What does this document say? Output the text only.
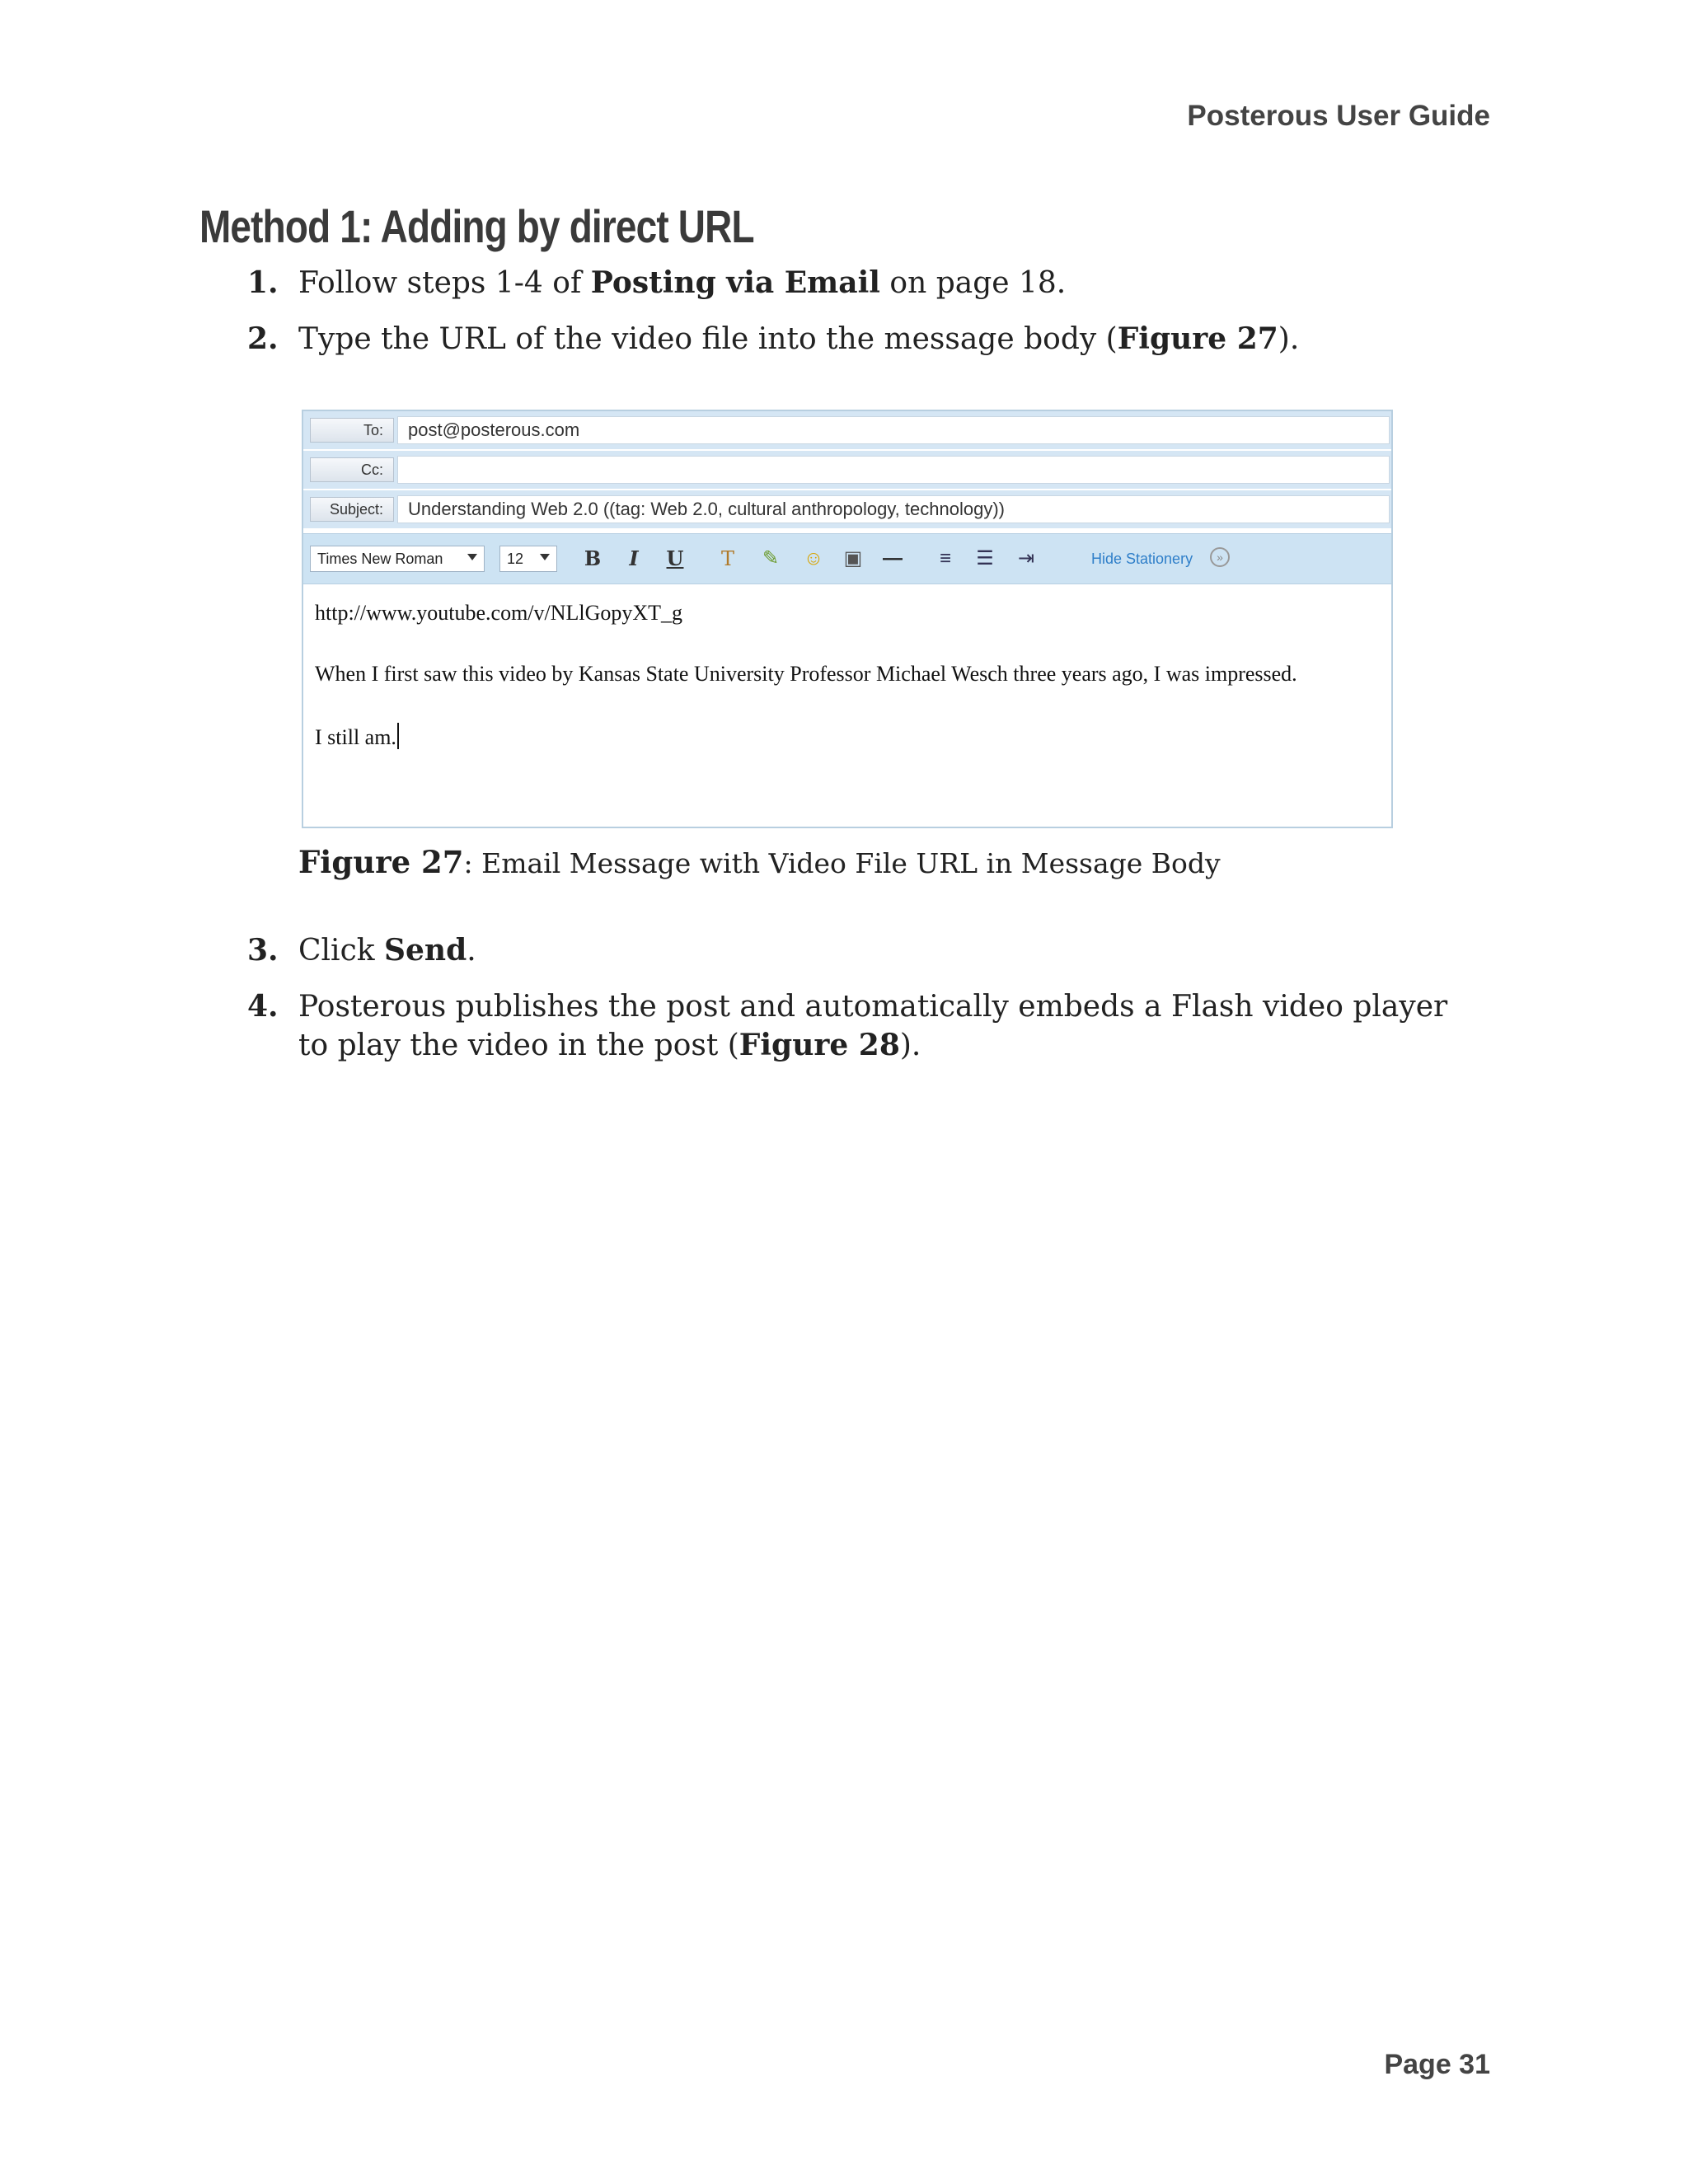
Posterous User Guide
Method 1: Adding by direct URL
1. Follow steps 1-4 of Posting via Email on page 18.
2. Type the URL of the video file into the message body (Figure 27).
To:	post@posterous.com
Cc:
Subject:	Understanding Web 2.0 ((tag: Web 2.0, cultural anthropology, technology))
Times New Roman	12	B	I	U T ✎ ☺ ▣ —	≡	☰ ⇥	Hide Stationery	»
http://www.youtube.com/v/NLlGopyXT_g
When I first saw this video by Kansas State University Professor Michael Wesch three years ago, I was impressed.
I still am.
Figure 27: Email Message with Video File URL in Message Body
3. Click Send.
4. Posterous publishes the post and automatically embeds a Flash video player to play the video in the post (Figure 28).
Page 31
